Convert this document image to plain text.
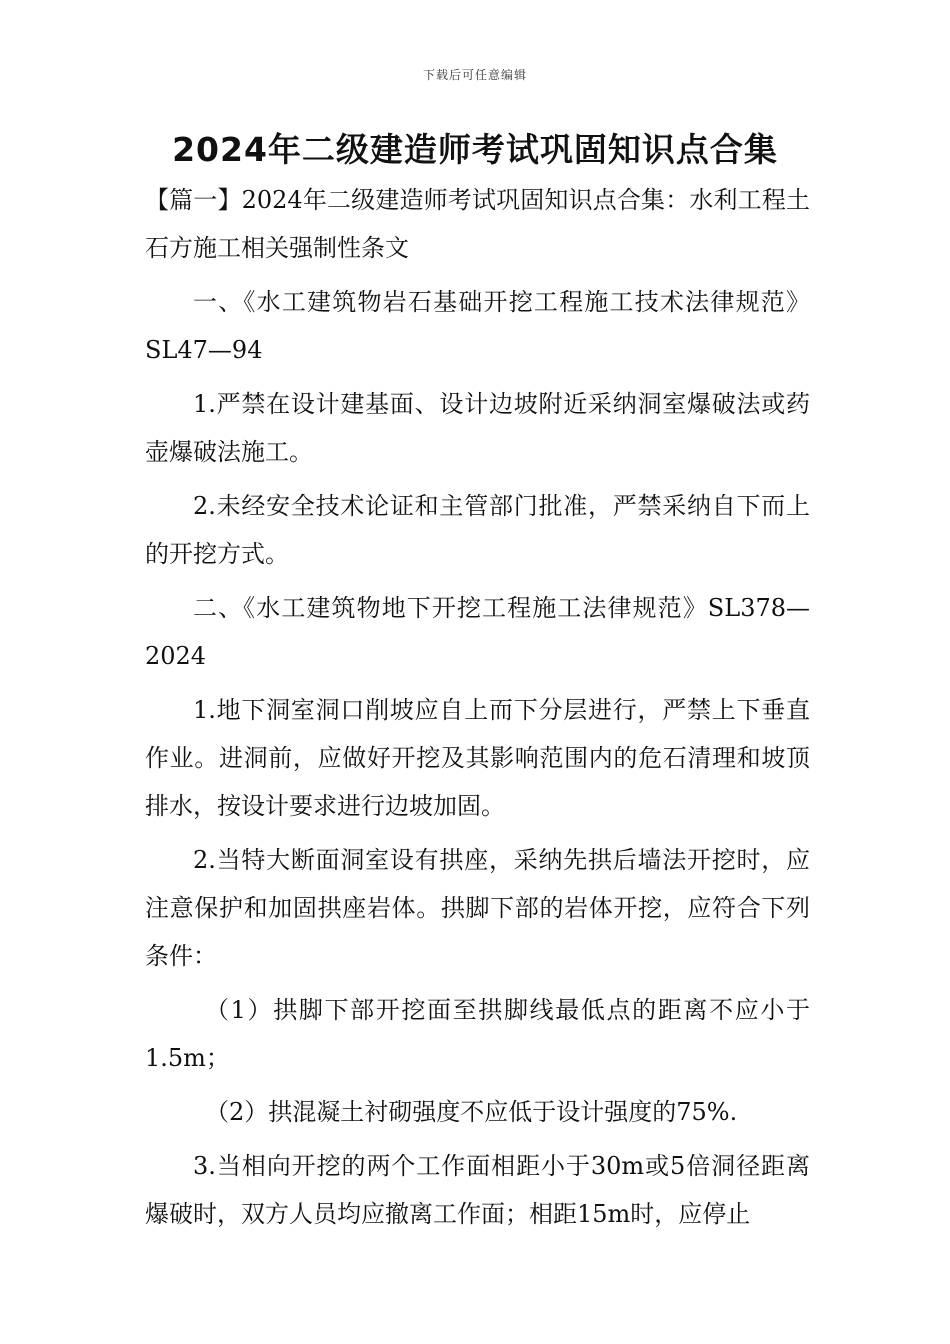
下载后可任意编辑
2024年二级建造师考试巩固知识点合集

【篇一】2024年二级建造师考试巩固知识点合集：水利工程土石方施工相关强制性条文

一、《水工建筑物岩石基础开挖工程施工技术法律规范》SL47—94

1.严禁在设计建基面、设计边坡附近采纳洞室爆破法或药壶爆破法施工。

2.未经安全技术论证和主管部门批准，严禁采纳自下而上的开挖方式。

二、《水工建筑物地下开挖工程施工法律规范》SL378—2024

1.地下洞室洞口削坡应自上而下分层进行，严禁上下垂直作业。进洞前，应做好开挖及其影响范围内的危石清理和坡顶排水，按设计要求进行边坡加固。

2.当特大断面洞室设有拱座，采纳先拱后墙法开挖时，应注意保护和加固拱座岩体。拱脚下部的岩体开挖，应符合下列条件：

（1）拱脚下部开挖面至拱脚线最低点的距离不应小于1.5m；

（2）拱混凝土衬砌强度不应低于设计强度的75%.

3.当相向开挖的两个工作面相距小于30m或5倍洞径距离爆破时，双方人员均应撤离工作面；相距15m时，应停止
